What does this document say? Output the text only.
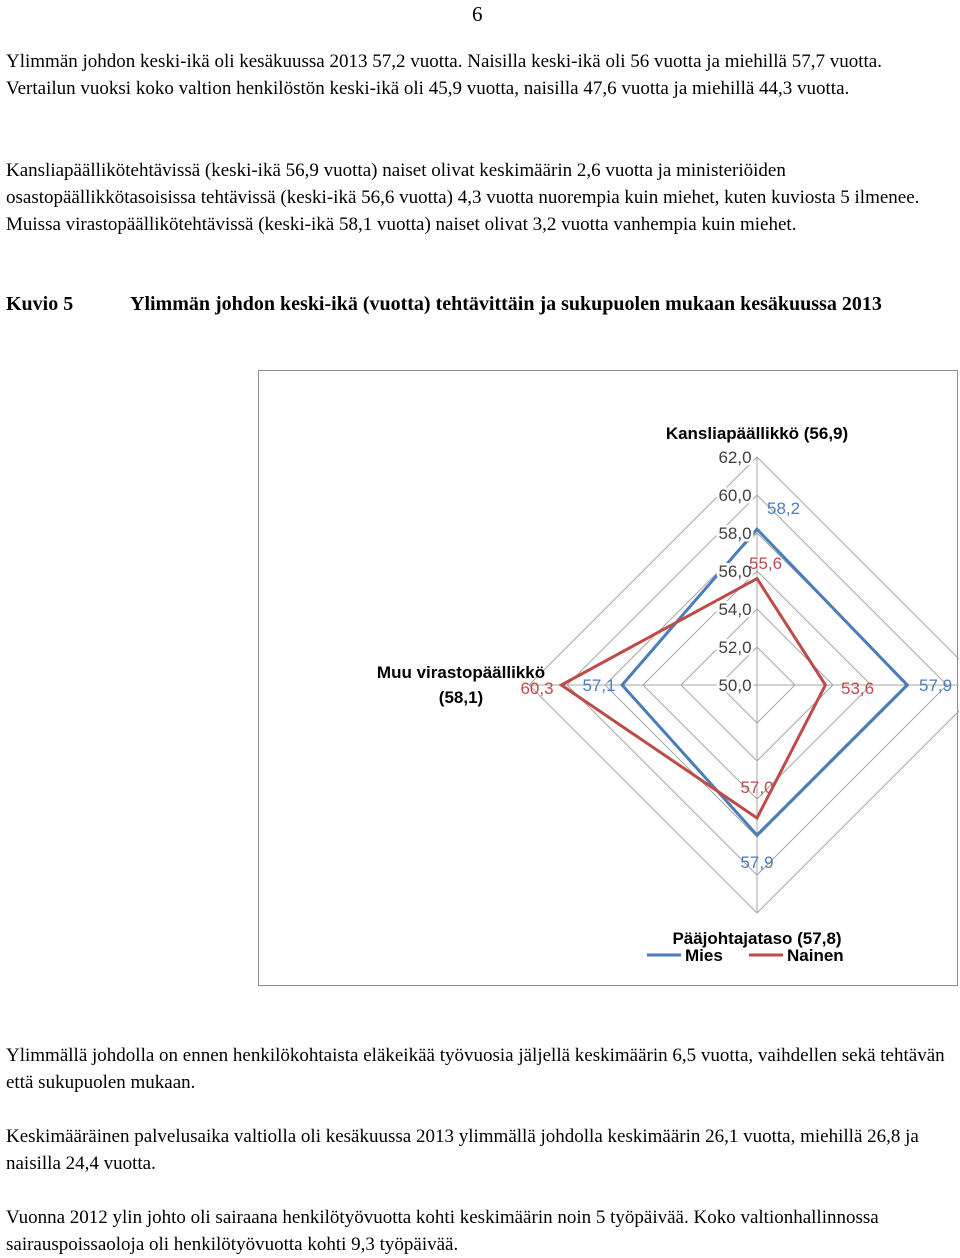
6

Ylimmän johdon keski-ikä oli kesäkuussa 2013 57,2 vuotta. Naisilla keski-ikä oli 56 vuotta ja miehillä 57,7 vuotta. Vertailun vuoksi koko valtion henkilöstön keski-ikä oli 45,9 vuotta, naisilla 47,6 vuotta ja miehillä 44,3 vuotta.

Kansliapäällikötehtävissä (keski-ikä 56,9 vuotta) naiset olivat keskimäärin 2,6 vuotta ja ministeriöiden osastopäällikkötasoisissa tehtävissä (keski-ikä 56,6 vuotta) 4,3 vuotta nuorempia kuin miehet, kuten kuviosta 5 ilmenee. Muissa virastopäällikötehtävissä (keski-ikä 58,1 vuotta) naiset olivat 3,2 vuotta vanhempia kuin miehet.

Kuvio 5	Ylimmän johdon keski-ikä (vuotta) tehtävittäin ja sukupuolen mukaan kesäkuussa 2013
50,0
52,0
54,0
56,0
58,0
60,0
62,0
Kansliapäällikkö (56,9)
Pääjohtajataso (57,8)
Muu virastopäällikkö
(58,1)
58,2
57,9
57,9
57,1
55,6
53,6
57,0
60,3
Mies	Nainen

Ylimmällä johdolla on ennen henkilökohtaista eläkeikää työvuosia jäljellä keskimäärin 6,5 vuotta, vaihdellen sekä tehtävän että sukupuolen mukaan.

Keskimääräinen palvelusaika valtiolla oli kesäkuussa 2013 ylimmällä johdolla keskimäärin 26,1 vuotta, miehillä 26,8 ja naisilla 24,4 vuotta.

Vuonna 2012 ylin johto oli sairaana henkilötyövuotta kohti keskimäärin noin 5 työpäivää. Koko valtionhallinnossa sairauspoissaoloja oli henkilötyövuotta kohti 9,3 työpäivää.
